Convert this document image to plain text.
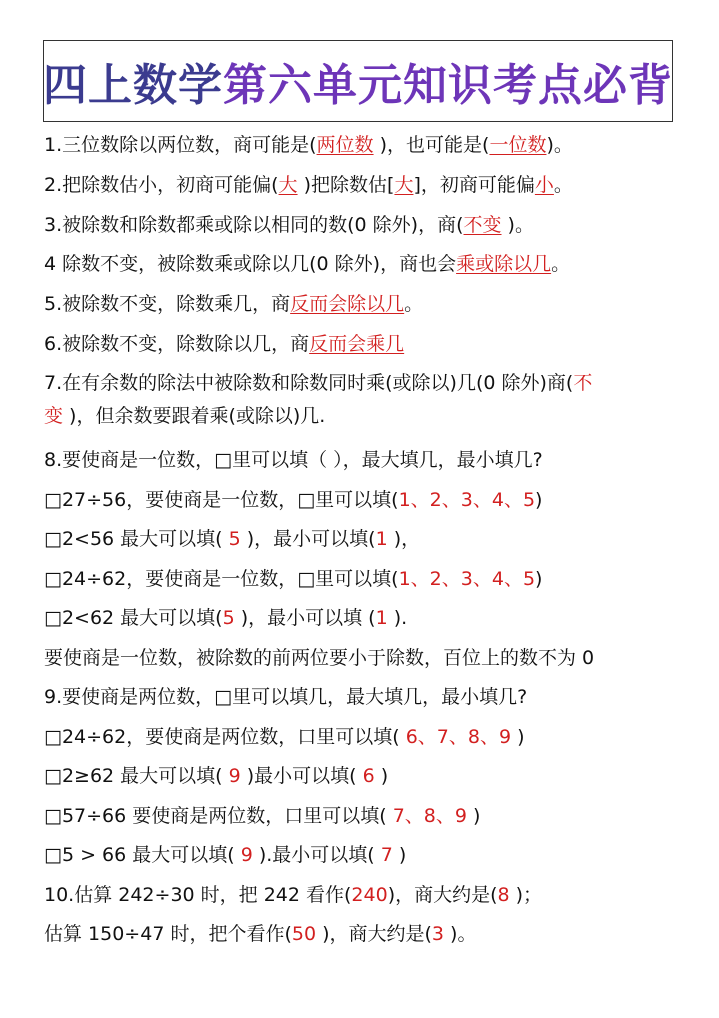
四上数学第六单元知识考点必背
1.三位数除以两位数，商可能是(两位数 )，也可能是(一位数)。
2.把除数估小，初商可能偏(大 )把除数估[大]，初商可能偏小。
3.被除数和除数都乘或除以相同的数(0 除外)，商(不变 )。
4 除数不变，被除数乘或除以几(0 除外)，商也会乘或除以几。
5.被除数不变，除数乘几，商反而会除以几。
6.被除数不变，除数除以几，商反而会乘几
7.在有余数的除法中被除数和除数同时乘(或除以)几(0 除外)商(不
变 )，但余数要跟着乘(或除以)几.
8.要使商是一位数，□里可以填（ ），最大填几，最小填几?
□27÷56，要使商是一位数，□里可以填(1、2、3、4、5)
□2<56 最大可以填( 5 )，最小可以填(1 )，
□24÷62，要使商是一位数，□里可以填(1、2、3、4、5)
□2<62 最大可以填(5 )，最小可以填 (1 ).
要使商是一位数，被除数的前两位要小于除数，百位上的数不为 0
9.要使商是两位数，□里可以填几，最大填几，最小填几?
□24÷62，要使商是两位数，口里可以填( 6、7、8、9 )
□2≥62 最大可以填( 9 )最小可以填( 6 )
□57÷66 要使商是两位数，口里可以填( 7、8、9 )
□5 > 66 最大可以填( 9 ).最小可以填( 7 )
10.估算 242÷30 时，把 242 看作(240)，商大约是(8 )；
估算 150÷47 时，把个看作(50 )，商大约是(3 )。
